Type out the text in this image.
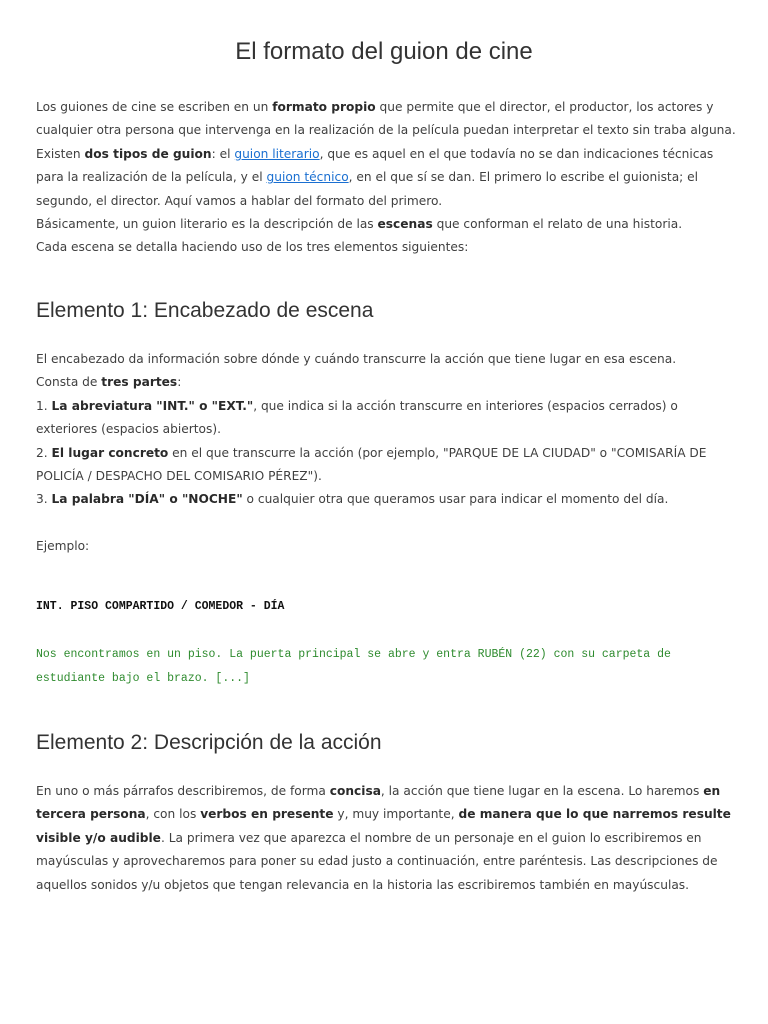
El formato del guion de cine
Los guiones de cine se escriben en un formato propio que permite que el director, el productor, los actores y cualquier otra persona que intervenga en la realización de la película puedan interpretar el texto sin traba alguna.
Existen dos tipos de guion: el guion literario, que es aquel en el que todavía no se dan indicaciones técnicas para la realización de la película, y el guion técnico, en el que sí se dan. El primero lo escribe el guionista; el segundo, el director. Aquí vamos a hablar del formato del primero.
Básicamente, un guion literario es la descripción de las escenas que conforman el relato de una historia.
Cada escena se detalla haciendo uso de los tres elementos siguientes:
Elemento 1: Encabezado de escena
El encabezado da información sobre dónde y cuándo transcurre la acción que tiene lugar en esa escena.
Consta de tres partes:
1. La abreviatura "INT." o "EXT.", que indica si la acción transcurre en interiores (espacios cerrados) o exteriores (espacios abiertos).
2. El lugar concreto en el que transcurre la acción (por ejemplo, "PARQUE DE LA CIUDAD" o "COMISARÍA DE POLICÍA / DESPACHO DEL COMISARIO PÉREZ").
3. La palabra "DÍA" o "NOCHE" o cualquier otra que queramos usar para indicar el momento del día.
Ejemplo:
INT. PISO COMPARTIDO / COMEDOR - DÍA
Nos encontramos en un piso. La puerta principal se abre y entra RUBÉN (22) con su carpeta de estudiante bajo el brazo. [...]
Elemento 2: Descripción de la acción
En uno o más párrafos describiremos, de forma concisa, la acción que tiene lugar en la escena. Lo haremos en tercera persona, con los verbos en presente y, muy importante, de manera que lo que narremos resulte visible y/o audible. La primera vez que aparezca el nombre de un personaje en el guion lo escribiremos en mayúsculas y aprovecharemos para poner su edad justo a continuación, entre paréntesis. Las descripciones de aquellos sonidos y/u objetos que tengan relevancia en la historia las escribiremos también en mayúsculas.
